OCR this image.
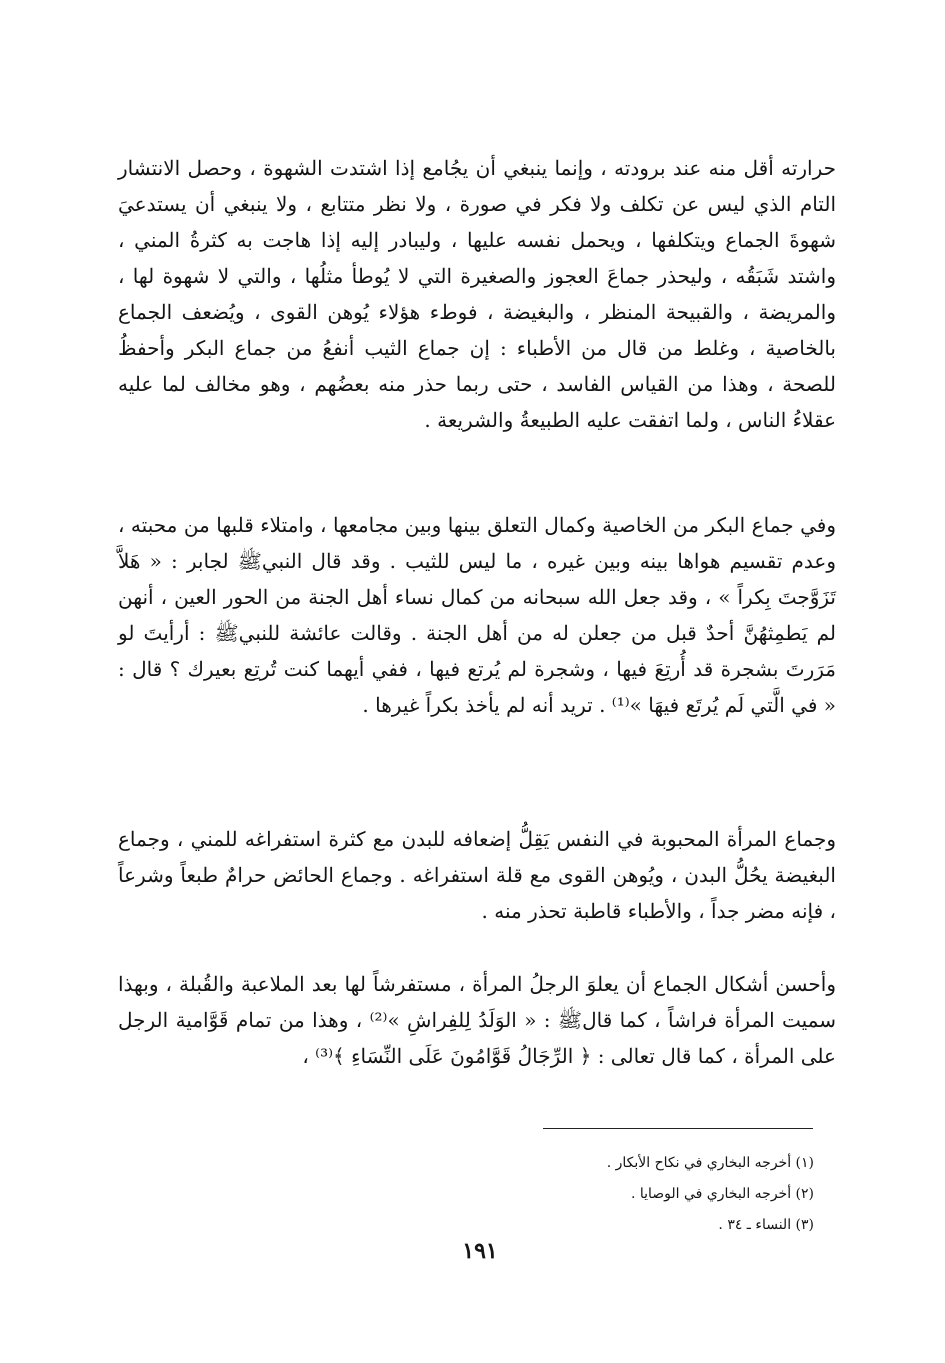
حرارته أقل منه عند برودته ، وإنما ينبغي أن يجُامع إذا اشتدت الشهوة ، وحصل الانتشار التام الذي ليس عن تكلف ولا فكر في صورة ، ولا نظر متتابع ، ولا ينبغي أن يستدعيَ شهوةَ الجماع ويتكلفها ، ويحمل نفسه عليها ، وليبادر إليه إذا هاجت به كثرةُ المني ، واشتد شَبَقُه ، وليحذر جماعَ العجوز والصغيرة التي لا يُوطأ مثلُها ، والتي لا شهوة لها ، والمريضة ، والقبيحة المنظر ، والبغيضة ، فوطء هؤلاء يُوهن القوى ، ويُضعف الجماع بالخاصية ، وغلط من قال من الأطباء : إن جماع الثيب أنفعُ من جماع البكر وأحفظُ للصحة ، وهذا من القياس الفاسد ، حتى ربما حذر منه بعضُهم ، وهو مخالف لما عليه عقلاءُ الناس ، ولما اتفقت عليه الطبيعةُ والشريعة .

وفي جماع البكر من الخاصية وكمال التعلق بينها وبين مجامعها ، وامتلاء قلبها من محبته ، وعدم تقسيم هواها بينه وبين غيره ، ما ليس للثيب . وقد قال النبيﷺ لجابر : « هَلاَّ تَزَوَّجتَ بِكراً » ، وقد جعل الله سبحانه من كمال نساء أهل الجنة من الحور العين ، أنهن لم يَطمِثهُنَّ أحدٌ قبل من جعلن له من أهل الجنة . وقالت عائشة للنبيﷺ : أرأيتَ لو مَرَرتَ بشجرة قد أُرتِعَ فيها ، وشجرة لم يُرتع فيها ، ففي أيهما كنت تُرتِع بعيرك ؟ قال : « في الَّتي لَم يُرتَع فيهَا »⁽¹⁾ . تريد أنه لم يأخذ بكراً غيرها .

وجماع المرأة المحبوبة في النفس يَقِلُّ إضعافه للبدن مع كثرة استفراغه للمني ، وجماع البغيضة يحُلُّ البدن ، ويُوهن القوى مع قلة استفراغه . وجماع الحائض حرامٌ طبعاً وشرعاً ، فإنه مضر جداً ، والأطباء قاطبة تحذر منه .

وأحسن أشكال الجماع أن يعلوَ الرجلُ المرأة ، مستفرشاً لها بعد الملاعبة والقُبلة ، وبهذا سميت المرأة فراشاً ، كما قالﷺ : « الوَلَدُ لِلفِراشِ »⁽²⁾ ، وهذا من تمام قَوَّامية الرجل على المرأة ، كما قال تعالى : ﴿ الرِّجَالُ قَوَّامُونَ عَلَى النِّسَاءِ ﴾⁽³⁾ ،

(١) أخرجه البخاري في نكاح الأبكار .
(٢) أخرجه البخاري في الوصايا .
(٣) النساء ـ ٣٤ .
١٩١
